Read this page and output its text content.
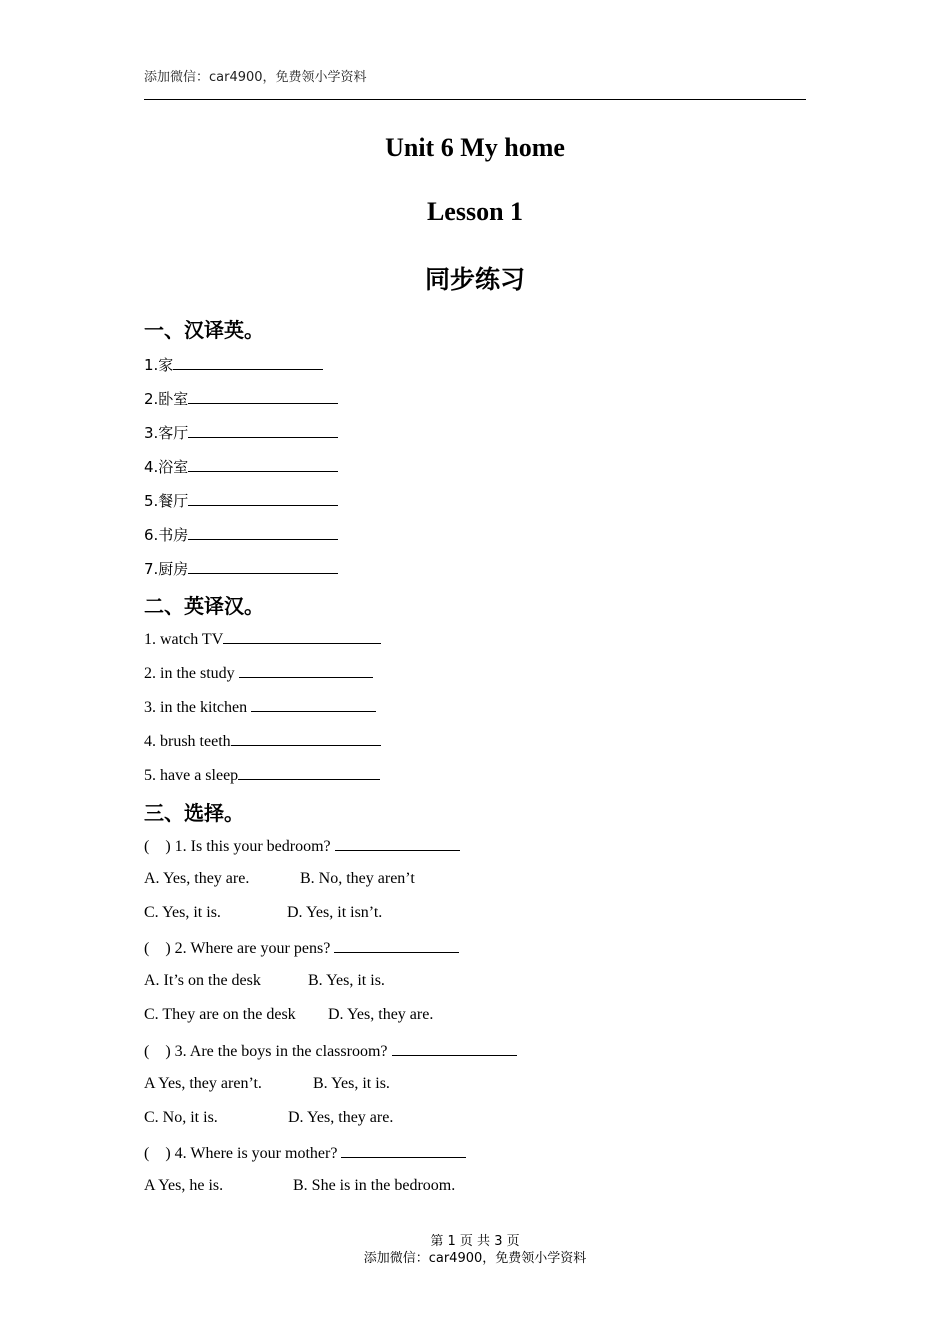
添加微信：car4900，免费领小学资料
Unit 6 My home
Lesson 1
同步练习
一、汉译英。
1.家
2.卧室
3.客厅
4.浴室
5.餐厅
6.书房
7.厨房
二、英译汉。
1. watch TV
2. in the study
3. in the kitchen
4. brush teeth
5. have a sleep
三、选择。
(    ) 1. Is this your bedroom?
A. Yes, they are.	B. No, they aren’t
C. Yes, it is.	D. Yes, it isn’t.
(    ) 2. Where are your pens?
A. It’s on the desk	B. Yes, it is.
C. They are on the desk D. Yes, they are.
(    ) 3. Are the boys in the classroom?
A Yes, they aren’t.	B. Yes, it is.
C. No, it is.	D. Yes, they are.
(    ) 4. Where is your mother?
A Yes, he is.	B. She is in the bedroom.
第 1 页 共 3 页
添加微信：car4900，免费领小学资料
